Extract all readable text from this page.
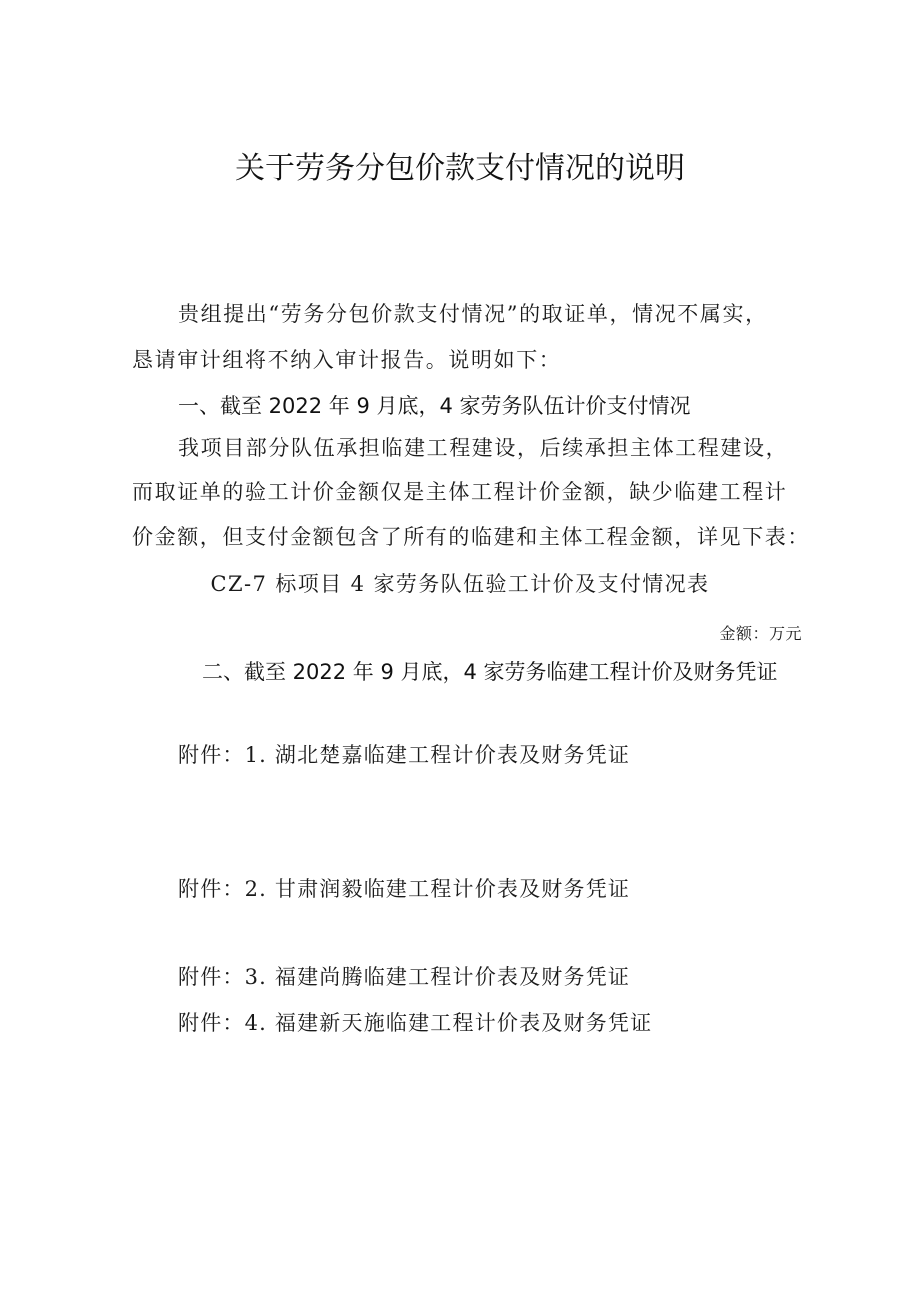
关于劳务分包价款支付情况的说明

贵组提出“劳务分包价款支付情况”的取证单，情况不属实，

恳请审计组将不纳入审计报告。说明如下：

一、截至 2022 年 9 月底，4 家劳务队伍计价支付情况

我项目部分队伍承担临建工程建设，后续承担主体工程建设，

而取证单的验工计价金额仅是主体工程计价金额，缺少临建工程计

价金额，但支付金额包含了所有的临建和主体工程金额，详见下表：

CZ-7 标项目 4 家劳务队伍验工计价及支付情况表

金额：万元

二、截至 2022 年 9 月底，4 家劳务临建工程计价及财务凭证

附件：1. 湖北楚嘉临建工程计价表及财务凭证

附件：2. 甘肃润毅临建工程计价表及财务凭证

附件：3. 福建尚腾临建工程计价表及财务凭证

附件：4. 福建新天施临建工程计价表及财务凭证
